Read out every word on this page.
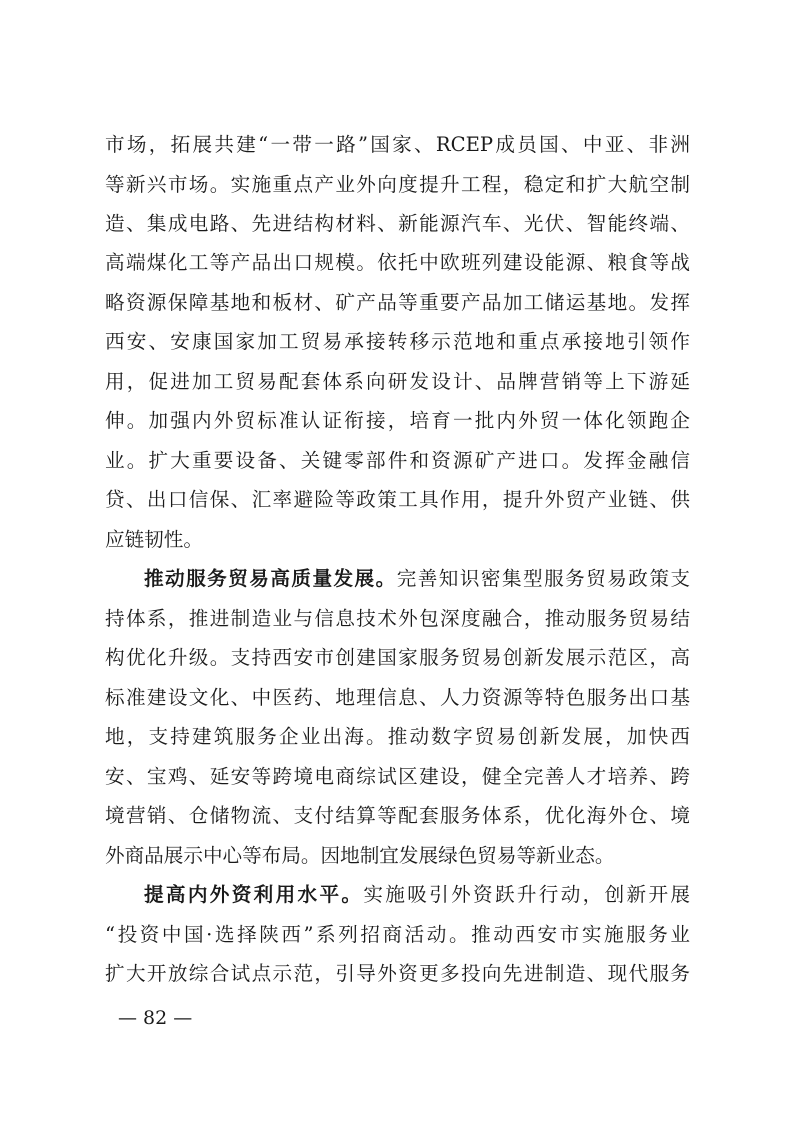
市场，拓展共建“一带一路”国家、RCEP成员国、中亚、非洲
等新兴市场。实施重点产业外向度提升工程，稳定和扩大航空制
造、集成电路、先进结构材料、新能源汽车、光伏、智能终端、
高端煤化工等产品出口规模。依托中欧班列建设能源、粮食等战
略资源保障基地和板材、矿产品等重要产品加工储运基地。发挥
西安、安康国家加工贸易承接转移示范地和重点承接地引领作
用，促进加工贸易配套体系向研发设计、品牌营销等上下游延
伸。加强内外贸标准认证衔接，培育一批内外贸一体化领跑企
业。扩大重要设备、关键零部件和资源矿产进口。发挥金融信
贷、出口信保、汇率避险等政策工具作用，提升外贸产业链、供
应链韧性。
推动服务贸易高质量发展。完善知识密集型服务贸易政策支
持体系，推进制造业与信息技术外包深度融合，推动服务贸易结
构优化升级。支持西安市创建国家服务贸易创新发展示范区，高
标准建设文化、中医药、地理信息、人力资源等特色服务出口基
地，支持建筑服务企业出海。推动数字贸易创新发展，加快西
安、宝鸡、延安等跨境电商综试区建设，健全完善人才培养、跨
境营销、仓储物流、支付结算等配套服务体系，优化海外仓、境
外商品展示中心等布局。因地制宜发展绿色贸易等新业态。
提高内外资利用水平。实施吸引外资跃升行动，创新开展
“投资中国·选择陕西”系列招商活动。推动西安市实施服务业
扩大开放综合试点示范，引导外资更多投向先进制造、现代服务
— 82 —
